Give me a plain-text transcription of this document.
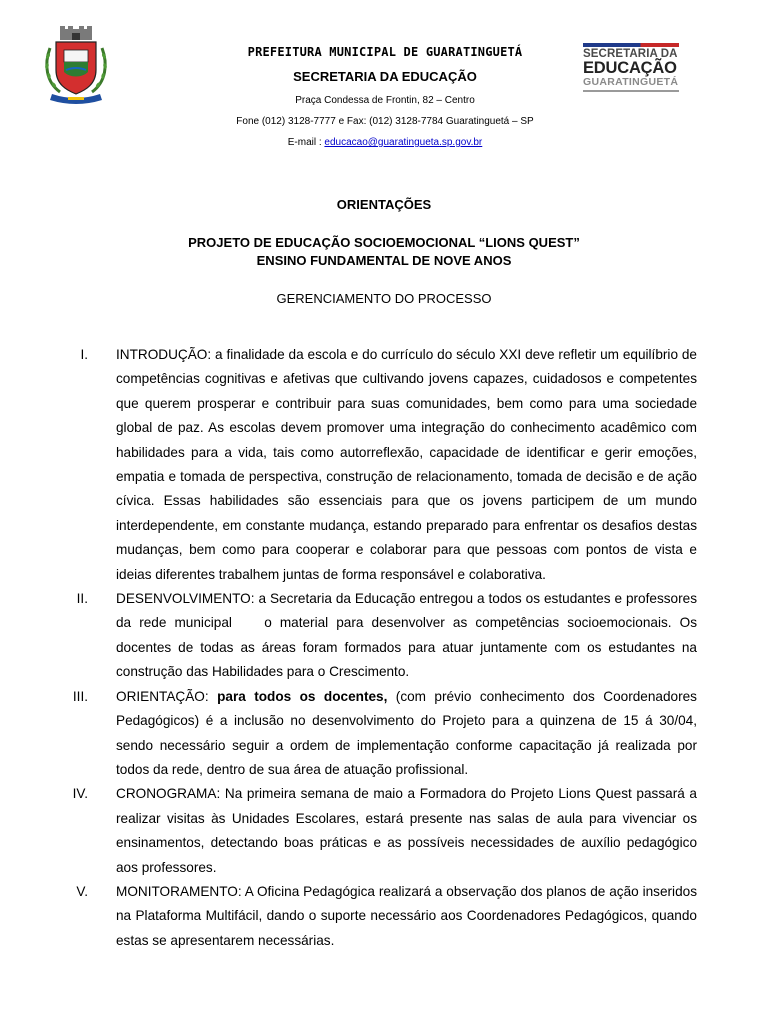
PREFEITURA MUNICIPAL DE GUARATINGUETÁ
SECRETARIA DA EDUCAÇÃO
Praça Condessa de Frontin, 82 – Centro
Fone (012) 3128-7777 e Fax: (012) 3128-7784 Guaratinguetá – SP
E-mail : educacao@guaratingueta.sp.gov.br
SECRETARIA DA
EDUCAÇÃO
GUARATINGUETÁ
ORIENTAÇÕES
PROJETO DE EDUCAÇÃO SOCIOEMOCIONAL “LIONS QUEST”
ENSINO FUNDAMENTAL DE NOVE ANOS
GERENCIAMENTO DO PROCESSO
I. INTRODUÇÃO: a finalidade da escola e do currículo do século XXI deve refletir um equilíbrio de competências cognitivas e afetivas que cultivando jovens capazes, cuidadosos e competentes que querem prosperar e contribuir para suas comunidades, bem como para uma sociedade global de paz. As escolas devem promover uma integração do conhecimento acadêmico com habilidades para a vida, tais como autorreflexão, capacidade de identificar e gerir emoções, empatia e tomada de perspectiva, construção de relacionamento, tomada de decisão e de ação cívica. Essas habilidades são essenciais para que os jovens participem de um mundo interdependente, em constante mudança, estando preparado para enfrentar os desafios destas mudanças, bem como para cooperar e colaborar para que pessoas com pontos de vista e ideias diferentes trabalhem juntas de forma responsável e colaborativa.
II. DESENVOLVIMENTO: a Secretaria da Educação entregou a todos os estudantes e professores    da rede municipal    o material para desenvolver as competências socioemocionais. Os docentes de todas as áreas foram formados para atuar juntamente com os estudantes na construção das Habilidades para o Crescimento.
III. ORIENTAÇÃO: para todos os docentes, (com prévio conhecimento dos Coordenadores Pedagógicos) é a inclusão no desenvolvimento do Projeto para a quinzena de 15 á 30/04, sendo necessário seguir a ordem de implementação conforme capacitação já realizada por todos da rede, dentro de sua área de atuação profissional.
IV. CRONOGRAMA: Na primeira semana de maio a Formadora do Projeto Lions Quest passará a realizar visitas às Unidades Escolares, estará presente nas salas de aula para vivenciar os ensinamentos, detectando boas práticas e as possíveis necessidades de auxílio pedagógico aos professores.
V. MONITORAMENTO: A Oficina Pedagógica realizará a observação dos planos de ação inseridos na Plataforma Multifácil, dando o suporte necessário aos Coordenadores Pedagógicos, quando estas se apresentarem necessárias.
